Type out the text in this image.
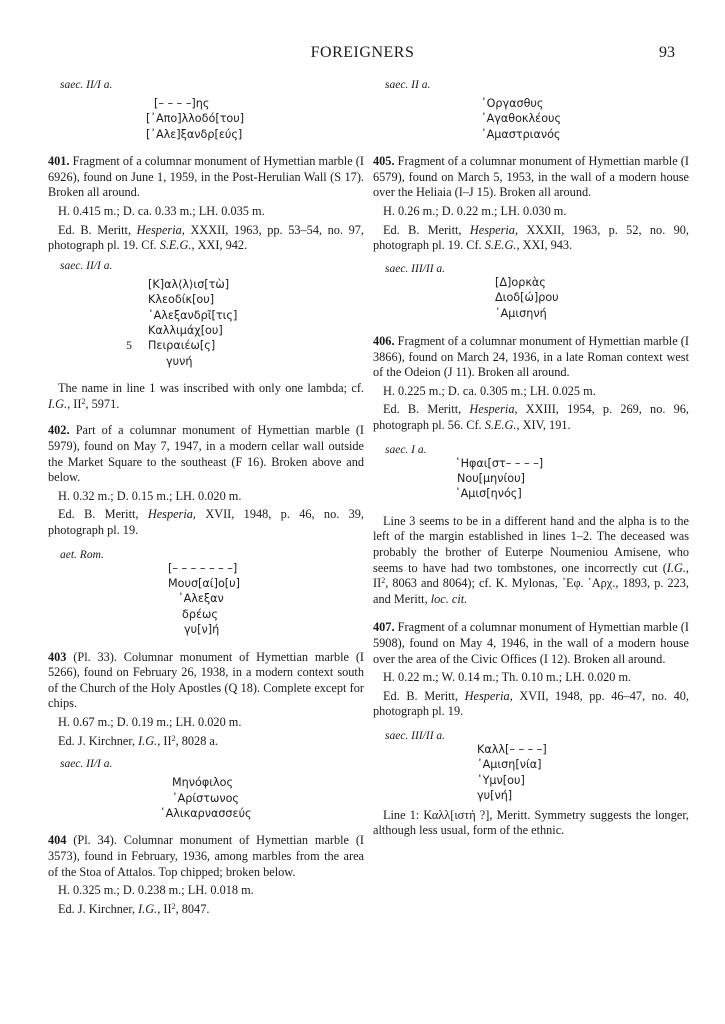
FOREIGNERS	93

saec. II/I a.

[– – – –]ης
[᾿Απο]λλοδό[του]
[᾿Αλε]ξανδρ[εύς]

401. Fragment of a columnar monument of Hymettian marble (I 6926), found on June 1, 1959, in the Post-Herulian Wall (S 17). Broken all around.

H. 0.415 m.; D. ca. 0.33 m.; LH. 0.035 m.

Ed. B. Meritt, Hesperia, XXXII, 1963, pp. 53–54, no. 97, photograph pl. 19. Cf. S.E.G., XXI, 942.

saec. II/I a.

[Κ]αλ⟨λ⟩ισ[τὼ]
Κλεοδίκ[ου]
᾿Αλεξανδρῖ[τις]
Καλλιμάχ[ου]
5 Πειραιέω[ς]
γυνή

The name in line 1 was inscribed with only one lambda; cf. I.G., $II^2$, 5971.

402. Part of a columnar monument of Hymettian marble (I 5979), found on May 7, 1947, in a modern cellar wall outside the Market Square to the southeast (F 16). Broken above and below.

H. 0.32 m.; D. 0.15 m.; LH. 0.020 m.

Ed. B. Meritt, Hesperia, XVII, 1948, p. 46, no. 39, photograph pl. 19.

aet. Rom.

[– – – – – – –]
Μουσ[αί]ο[υ]
᾿Αλεξαν
δρέως
γυ[ν]ή

403 (Pl. 33). Columnar monument of Hymettian marble (I 5266), found on February 26, 1938, in a modern context south of the Church of the Holy Apostles (Q 18). Complete except for chips.

H. 0.67 m.; D. 0.19 m.; LH. 0.020 m.

Ed. J. Kirchner, I.G., $II^2$, 8028 a.

saec. II/I a.

Μηνόφιλος
᾿Αρίστωνος
῾Αλικαρνασσεύς

404 (Pl. 34). Columnar monument of Hymettian marble (I 3573), found in February, 1936, among marbles from the area of the Stoa of Attalos. Top chipped; broken below.

H. 0.325 m.; D. 0.238 m.; LH. 0.018 m.

Ed. J. Kirchner, I.G., $II^2$, 8047.

saec. II a.

᾿Οργασθυς
᾿Αγαθοκλέους
᾿Αμαστριανός

405. Fragment of a columnar monument of Hymettian marble (I 6579), found on March 5, 1953, in the wall of a modern house over the Heliaia (I–J 15). Broken all around.

H. 0.26 m.; D. 0.22 m.; LH. 0.030 m.

Ed. B. Meritt, Hesperia, XXXII, 1963, p. 52, no. 90, photograph pl. 19. Cf. S.E.G., XXI, 943.

saec. III/II a.

[Δ]ορκὰς
Διοδ[ώ]ρου
᾿Αμισηνή

406. Fragment of a columnar monument of Hymettian marble (I 3866), found on March 24, 1936, in a late Roman context west of the Odeion (J 11). Broken all around.

H. 0.225 m.; D. ca. 0.305 m.; LH. 0.025 m.

Ed. B. Meritt, Hesperia, XXIII, 1954, p. 269, no. 96, photograph pl. 56. Cf. S.E.G., XIV, 191.

saec. I a.

῾Ηφαι[στ– – – –]
Νου[μηνίου]
᾿Αμισ[ηνός]

Line 3 seems to be in a different hand and the alpha is to the left of the margin established in lines 1–2. The deceased was probably the brother of Euterpe Noumeniou Amisene, who seems to have had two tombstones, one incorrectly cut (I.G., $II^2$, 8063 and 8064); cf. K. Mylonas, ᾿Εφ. ᾿Αρχ., 1893, p. 223, and Meritt, loc. cit.

407. Fragment of a columnar monument of Hymettian marble (I 5908), found on May 4, 1946, in the wall of a modern house over the area of the Civic Offices (I 12). Broken all around.

H. 0.22 m.; W. 0.14 m.; Th. 0.10 m.; LH. 0.020 m.

Ed. B. Meritt, Hesperia, XVII, 1948, pp. 46–47, no. 40, photograph pl. 19.

saec. III/II a.

Καλλ[– – – –]
᾿Αμιση[νία]
῾Υμν[ου]
γυ[νή]

Line 1: Καλλ[ιστή ?], Meritt. Symmetry suggests the longer, although less usual, form of the ethnic.
